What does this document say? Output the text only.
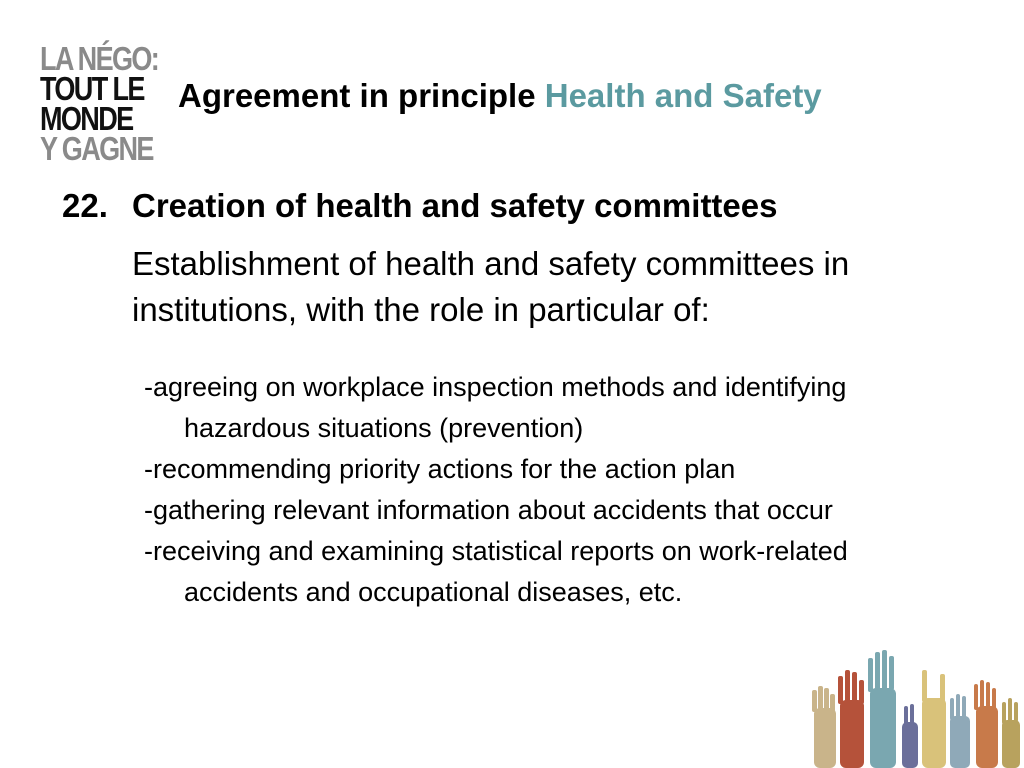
LA NÉGO:
TOUT LE
MONDE
Y GAGNE
Agreement in principle Health and Safety
22. Creation of health and safety committees
Establishment of health and safety committees in institutions, with the role in particular of:
-agreeing on workplace inspection methods and identifying hazardous situations (prevention)
-recommending priority actions for the action plan
-gathering relevant information about accidents that occur
-receiving and examining statistical reports on work-related accidents and occupational diseases, etc.
